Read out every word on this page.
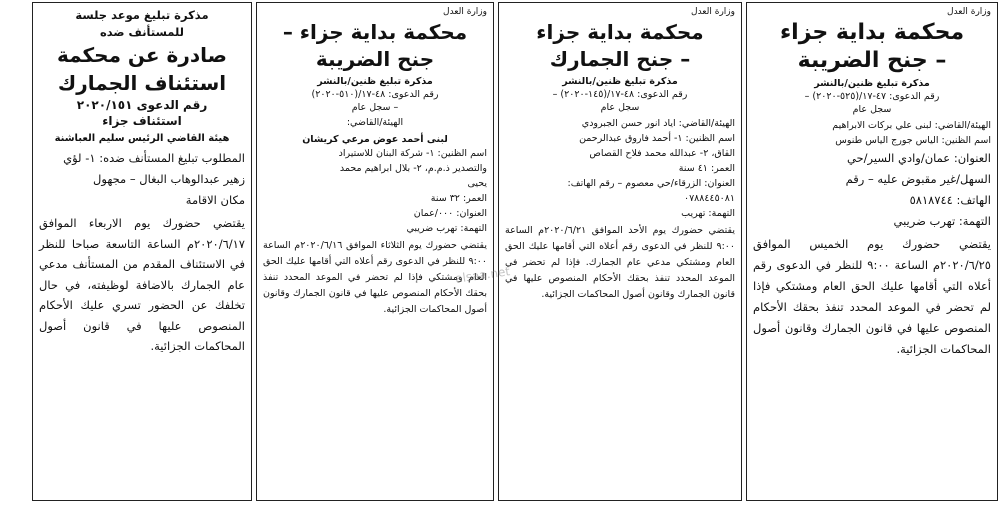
وزارة العدل

محكمة بداية جزاء

– جنح الضريبة

مذكرة تبليغ ظنين/بالنشر

رقم الدعوى: ٤٧-١٧/(٥٢٥-٢٠٢٠) –

سجل عام

الهيئة/القاضي: لبنى علي بركات الابراهيم

اسم الظنين: الياس جورج الياس طنوس

العنوان: عمان/وادي السير/حي

السهل/غير مقبوض عليه – رقم

الهاتف: ٥٨١٨٧٤٤

التهمة: تهرب ضريبي

يقتضي حضورك يوم الخميس الموافق ٢٠٢٠/٦/٢٥م الساعة ٩:٠٠ للنظر في الدعوى رقم أعلاه التي أقامها عليك الحق العام ومشتكي فإذا لم تحضر في الموعد المحدد تنفذ بحقك الأحكام المنصوص عليها في قانون الجمارك وقانون أصول المحاكمات الجزائية.

وزارة العدل

محكمة بداية جزاء

– جنح الجمارك

مذكرة تبليغ ظنين/بالنشر

رقم الدعوى: ٤٨-١٧/(١٤٥-٢٠٢٠) –

سجل عام

الهيئة/القاضي: اياد انور حسن الجبرودي

اسم الظنين: ١- أحمد فاروق عبدالرحمن

القاق، ٢- عبدالله محمد فلاح القصاص

العمر: ٤١ سنة

العنوان: الزرقاء/حي معصوم – رقم الهاتف:

٠٧٨٨٤٤٥٠٨١

التهمة: تهريب

يقتضي حضورك يوم الأحد الموافق ٢٠٢٠/٦/٢١م الساعة ٩:٠٠ للنظر في الدعوى رقم أعلاه التي أقامها عليك الحق العام ومشتكي مدعي عام الجمارك. فإذا لم تحضر في الموعد المحدد تنفذ بحقك الأحكام المنصوص عليها في قانون الجمارك وقانون أصول المحاكمات الجزائية.

وزارة العدل

محكمة بداية جزاء –

جنح الضريبة

مذكرة تبليغ ظنين/بالنشر

رقم الدعوى: ٤٨-١٧/(٥١٠-٢٠٢٠)

– سجل عام

الهيئة/القاضي:

لبنى أحمد عوض مرعي كريشان

اسم الظنين: ١- شركة البنان للاستيراد

والتصدير ذ.م.م، ٢- بلال ابراهيم محمد

يحيى

العمر: ٣٢ سنة

العنوان: ٠٠٠/عمان

التهمة: تهرب ضريبي

يقتضي حضورك يوم الثلاثاء الموافق ٢٠٢٠/٦/١٦م الساعة ٩:٠٠ للنظر في الدعوى رقم أعلاه التي أقامها عليك الحق العام ومشتكي فإذا لم تحضر في الموعد المحدد تنفذ بحقك الأحكام المنصوص عليها في قانون الجمارك وقانون أصول المحاكمات الجزائية.

مذكرة تبليغ موعد جلسة

للمستأنف ضده

صادرة عن محكمة

استئناف الجمارك

رقم الدعوى ٢٠٢٠/١٥١

استئناف جزاء

هيئة القاضي الرئيس سليم العباشنة

المطلوب تبليغ المستأنف ضده: ١- لؤي

زهير عبدالوهاب البغال – مجهول

مكان الاقامة

يقتضي حضورك يوم الاربعاء الموافق ٢٠٢٠/٦/١٧م الساعة التاسعة صباحا للنظر في الاستئناف المقدم من المستأنف مدعي عام الجمارك بالاضافة لوظيفته، في حال تخلفك عن الحضور تسري عليك الأحكام المنصوص عليها في قانون أصول المحاكمات الجزائية.

alsaa.net
